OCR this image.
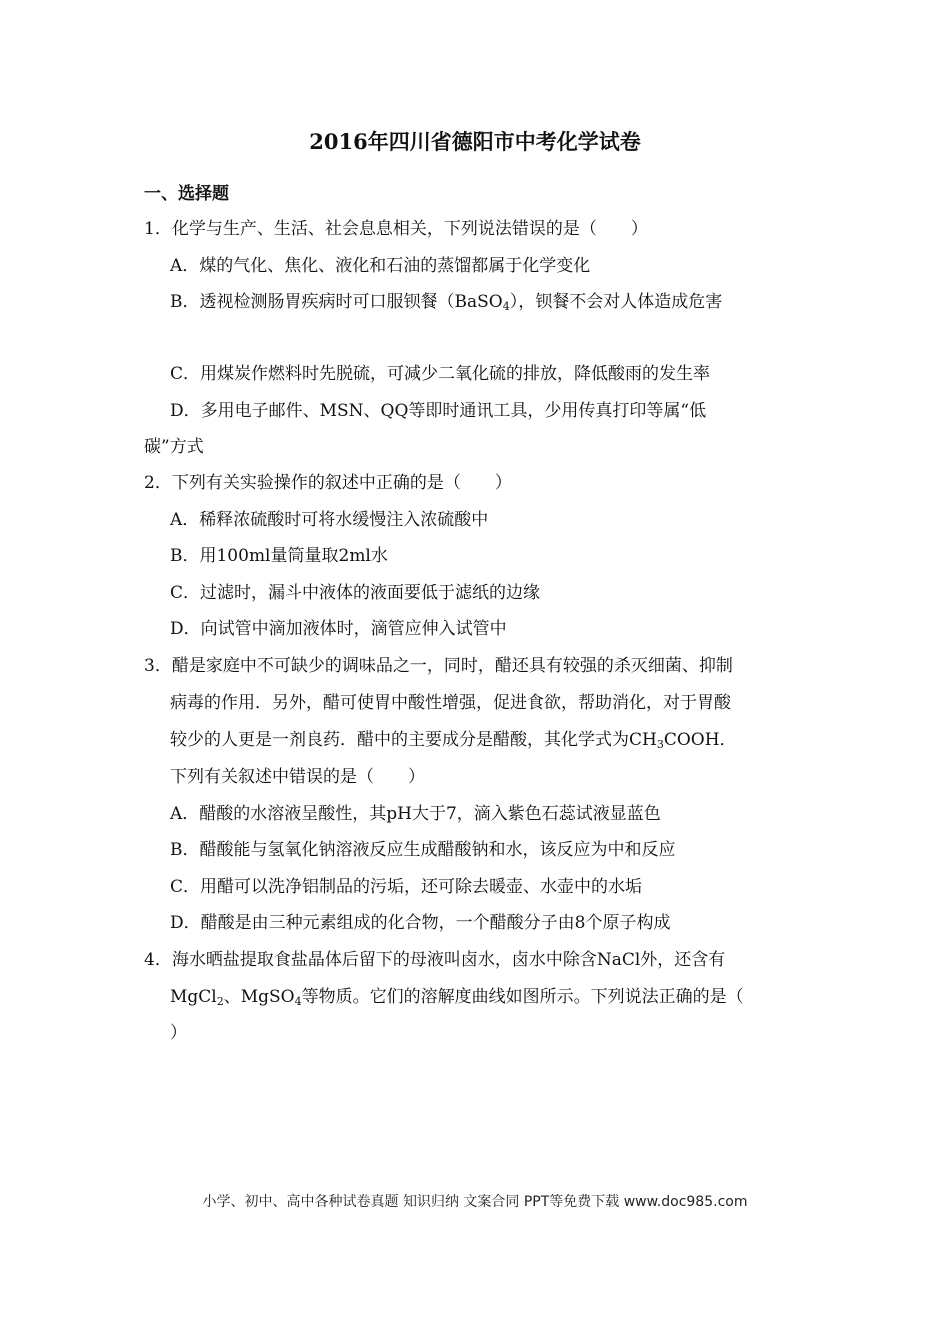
2016年四川省德阳市中考化学试卷
一、选择题
1．化学与生产、生活、社会息息相关，下列说法错误的是（　　）
A．煤的气化、焦化、液化和石油的蒸馏都属于化学变化
B．透视检测肠胃疾病时可口服钡餐（BaSO$_4$），钡餐不会对人体造成危害
C．用煤炭作燃料时先脱硫，可减少二氧化硫的排放，降低酸雨的发生率
D．多用电子邮件、MSN、QQ等即时通讯工具，少用传真打印等属“低
碳”方式
2．下列有关实验操作的叙述中正确的是（　　）
A．稀释浓硫酸时可将水缓慢注入浓硫酸中
B．用100ml量筒量取2ml水
C．过滤时，漏斗中液体的液面要低于滤纸的边缘
D．向试管中滴加液体时，滴管应伸入试管中
3．醋是家庭中不可缺少的调味品之一，同时，醋还具有较强的杀灭细菌、抑制
病毒的作用．另外，醋可使胃中酸性增强，促进食欲，帮助消化，对于胃酸
较少的人更是一剂良药．醋中的主要成分是醋酸，其化学式为$CH_3COOH$．
下列有关叙述中错误的是（　　）
A．醋酸的水溶液呈酸性，其pH大于7，滴入紫色石蕊试液显蓝色
B．醋酸能与氢氧化钠溶液反应生成醋酸钠和水，该反应为中和反应
C．用醋可以洗净铝制品的污垢，还可除去暖壶、水壶中的水垢
D．醋酸是由三种元素组成的化合物，一个醋酸分子由8个原子构成
4．海水晒盐提取食盐晶体后留下的母液叫卤水，卤水中除含NaCl外，还含有
MgCl$_2$、MgSO$_4$等物质。它们的溶解度曲线如图所示。下列说法正确的是（
）
小学、初中、高中各种试卷真题 知识归纳 文案合同 PPT等免费下载 www.doc985.com
